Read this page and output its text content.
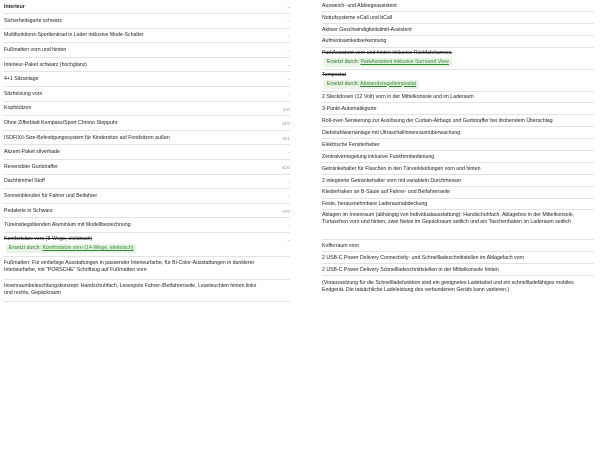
Interieur	–
Sicherheitsgurte schwarz	–
Multifunktions-Sportlenkrad in Leder inklusive Mode-Schalter	–
Fußmatten vorn und hinten	–
Interieur-Paket schwarz (hochglanz)	–
4+1 Sitzanlage	–
Sitzheizung vorn	–
Kopfstützen	3J4
Ohne Zifferblatt Kompass/Sport Chrono Stoppuhr	UF0
ISOFIX/i-Size-Befestigungssystem für Kindersitze auf Fondsitzen außen	3X1
Akzent-Paket silverhade	–
Reversibler Gurtstraffer	4O0
Dachhimmel Stoff	–
Sonnenblenden für Fahrer und Beifahrer	–
Pedalerie in Schwarz	VF0
Türeinstiegsblenden Aluminium mit Modellbezeichnung	–
Komfortsitze vorn (8-Wege, elektrisch)	–
Ersetzt durch: Komfortsitze vorn (14-Wege, elektrisch)
Fußmatten: Für einfarbige Ausstattungen in passender Interieurfarbe, für Bi-Color-Ausstattungen in dunklerer Interieurfarbe, mit "PORSCHE" Schriftzug auf Fußmatten vorn
Innenraumbeleuchtungskonzept: Handschuhfach, Lesespots Fahrer-/Beifahrerseite, Leseleuchten hinten links und rechts, Gepäckraum
Ausweich- und Abbiegeassistent
Notrufsysteme eCall und bCall
Aktiver Geschwindigkeitslimit-Assistent
Aufmerksamkeitserkennung
ParkAssistent vorn und hinten inklusive Rückfahrkamera
Ersetzt durch: ParkAssistent inklusive Surround View
Tempostat
Ersetzt durch: Abstandsregeltempostat
2 Steckdosen (12 Volt) vorn in der Mittelkonsole und im Laderaum
3-Punkt-Automatikgurte
Roll-over-Sensierung zur Auslösung der Curtain-Airbags und Gurtstraffer bei drohendem Überschlag
Diebstahlwarnanlage mit Ultraschallinnenraumüberwachung
Elektrische Fensterheber
Zentralverriegelung inklusive Funkfernbedienung
Getränkehalter für Flaschen in den Türverkleidungen vorn und hinten
2 integrierte Getränkehalter vorn mit variablem Durchmesser
Kleiderhaken an B-Säule auf Fahrer- und Beifahrerseite
Feste, herausnehmbare Laderaumabdeckung
Ablagen im Innenraum (abhängig von Individualausstattung): Handschuhfach, Ablagebox in der Mittelkonsole, Türtaschen vorn und hinten, zwei Netze im Gepäckraum seitlich und ein Taschenhaken im Laderaum seitlich
Kofferraum vorn
2 USB-C Power Delivery Connectivity- und Schnellladeschnittstellen im Ablagefach vorn
2 USB-C Power Delivery Schnellladeschnittstellen in der Mittelkonsole hinten
(Voraussetzung für die Schnellladefunktion sind ein geeignetes Ladekabel und ein schnellladefähiges mobiles Endgerät. Die tatsächliche Ladeleistung des verbundenen Geräts kann variieren.)
